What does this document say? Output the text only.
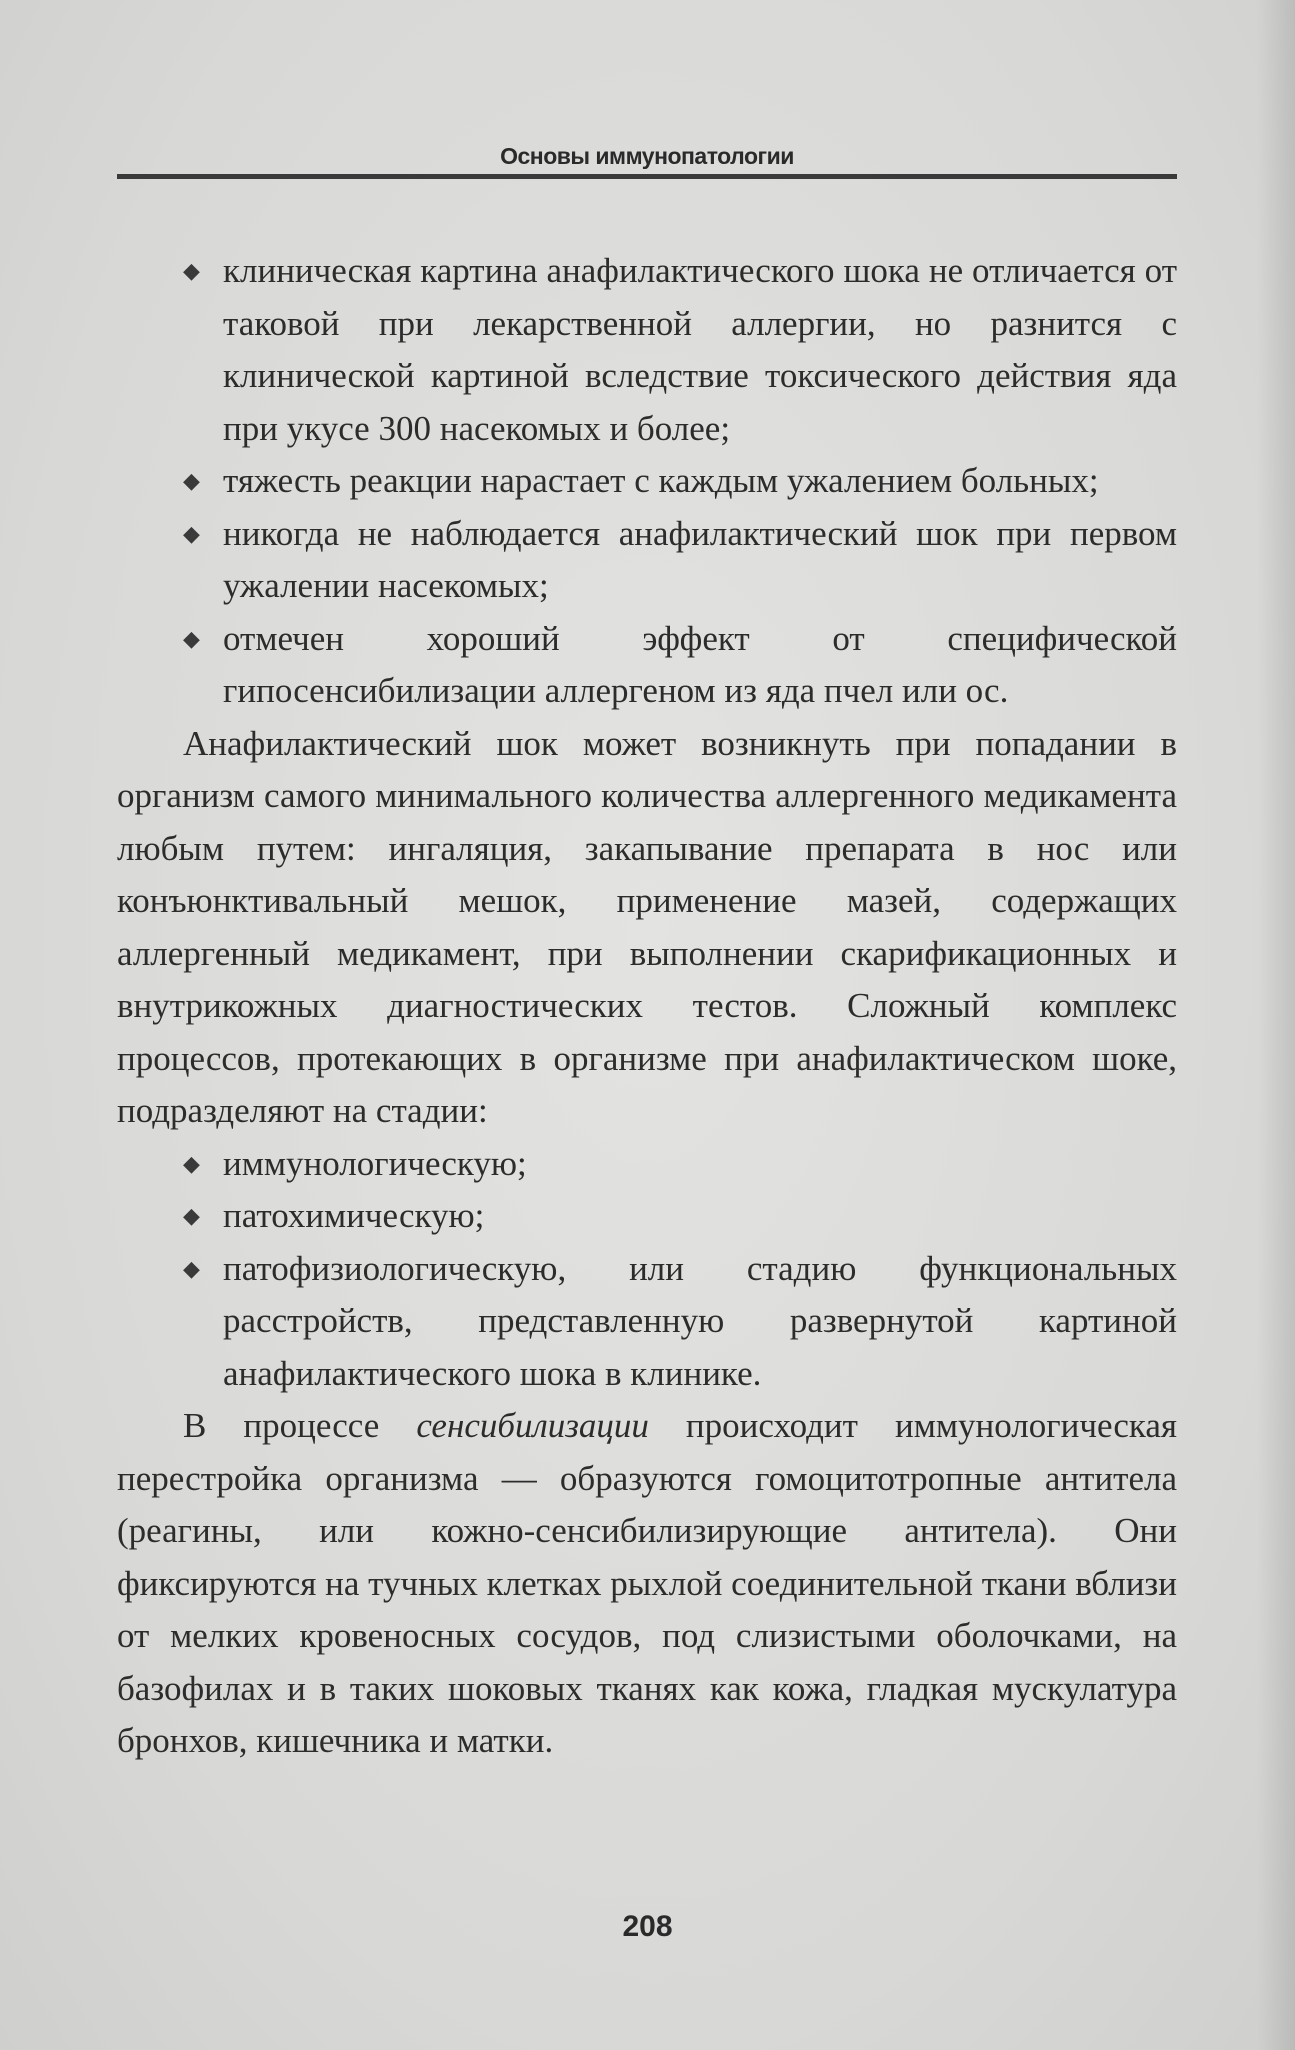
Основы иммунопатологии
◆ клиническая картина анафилактического шока не отличается от таковой при лекарственной аллергии, но разнится с клинической картиной вследствие токсического действия яда при укусе 300 насекомых и более;
◆ тяжесть реакции нарастает с каждым ужалением больных;
◆ никогда не наблюдается анафилактический шок при первом ужалении насекомых;
◆ отмечен хороший эффект от специфической гипосенсибилизации аллергеном из яда пчел или ос.

Анафилактический шок может возникнуть при попадании в организм самого минимального количества аллергенного медикамента любым путем: ингаляция, закапывание препарата в нос или конъюнктивальный мешок, применение мазей, содержащих аллергенный медикамент, при выполнении скарификационных и внутрикожных диагностических тестов. Сложный комплекс процессов, протекающих в организме при анафилактическом шоке, подразделяют на стадии:

◆ иммунологическую;
◆ патохимическую;
◆ патофизиологическую, или стадию функциональных расстройств, представленную развернутой картиной анафилактического шока в клинике.

В процессе сенсибилизации происходит иммунологическая перестройка организма — образуются гомоцитотропные антитела (реагины, или кожно-сенсибилизирующие антитела). Они фиксируются на тучных клетках рыхлой соединительной ткани вблизи от мелких кровеносных сосудов, под слизистыми оболочками, на базофилах и в таких шоковых тканях как кожа, гладкая мускулатура бронхов, кишечника и матки.

208
